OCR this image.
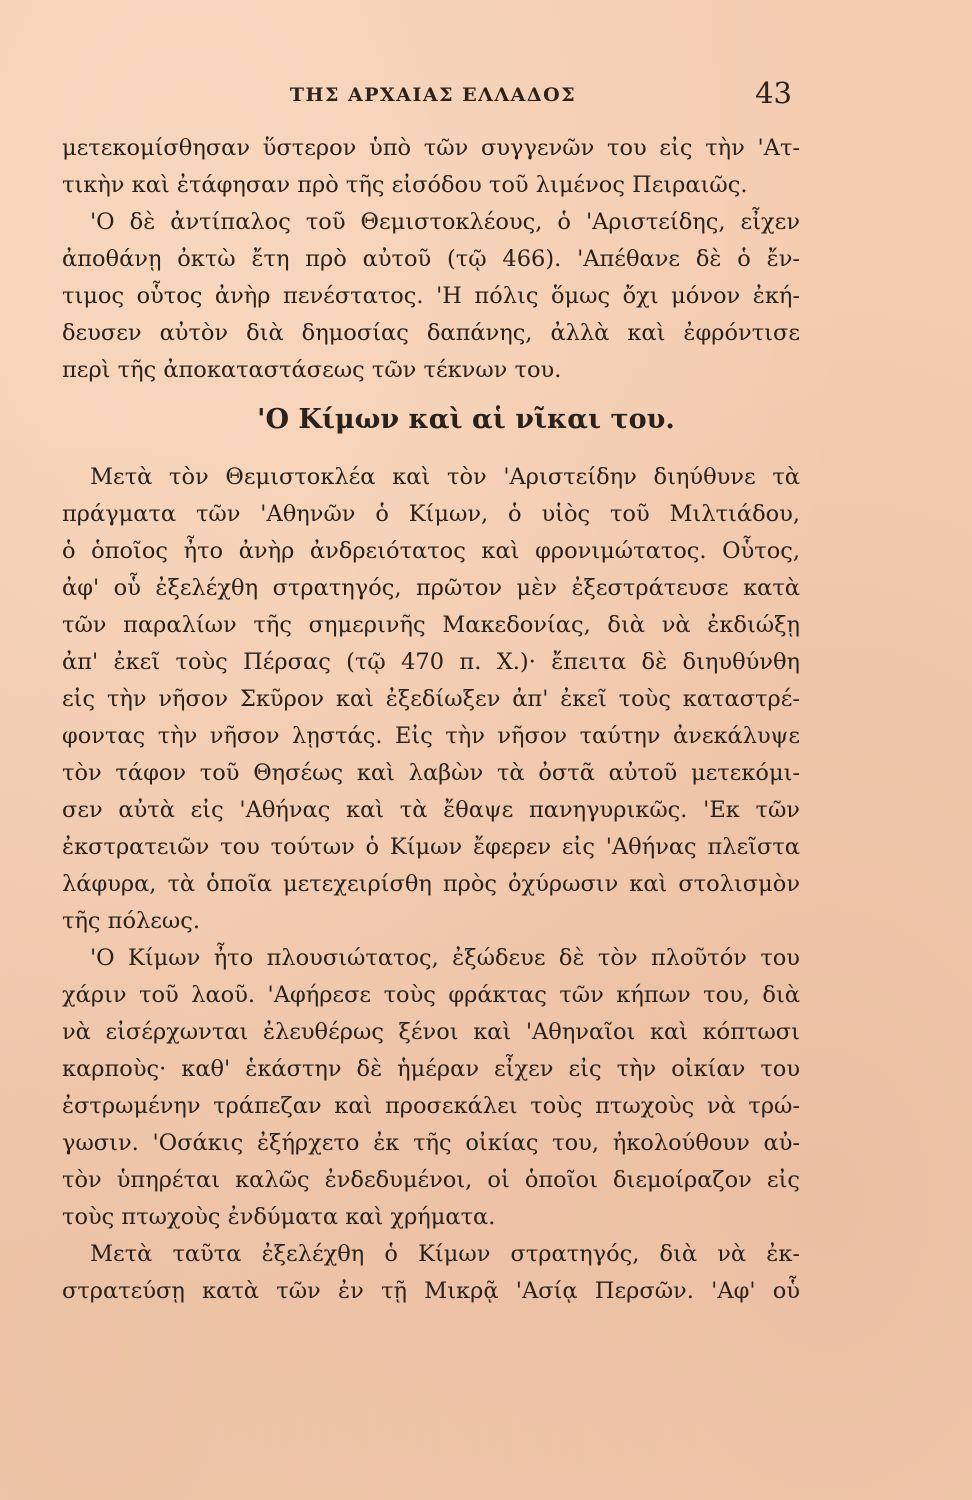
ΤΗΣ ΑΡΧΑΙΑΣ ΕΛΛΑΔΟΣ	43
μετεκομίσθησαν ὕστερον ὑπὸ τῶν συγγενῶν του εἰς τὴν 'Ατ-
τικὴν καὶ ἐτάφησαν πρὸ τῆς εἰσόδου τοῦ λιμένος Πειραιῶς.
'Ο δὲ ἀντίπαλος τοῦ Θεμιστοκλέους, ὁ 'Αριστείδης, εἶχεν
ἀποθάνῃ ὀκτὼ ἔτη πρὸ αὐτοῦ (τῷ 466). 'Απέθανε δὲ ὁ ἔν-
τιμος οὗτος ἀνὴρ πενέστατος. 'Η πόλις ὅμως ὄχι μόνον ἐκή-
δευσεν αὐτὸν διὰ δημοσίας δαπάνης, ἀλλὰ καὶ ἐφρόντισε
περὶ τῆς ἀποκαταστάσεως τῶν τέκνων του.
'Ο Κίμων καὶ αἱ νῖκαι του.
Μετὰ τὸν Θεμιστοκλέα καὶ τὸν 'Αριστείδην διηύθυνε τὰ
πράγματα τῶν 'Αθηνῶν ὁ Κίμων, ὁ υἱὸς τοῦ Μιλτιάδου,
ὁ ὁποῖος ἦτο ἀνὴρ ἀνδρειότατος καὶ φρονιμώτατος. Οὗτος,
ἀφ' οὗ ἐξελέχθη στρατηγός, πρῶτον μὲν ἐξεστράτευσε κατὰ
τῶν παραλίων τῆς σημερινῆς Μακεδονίας, διὰ νὰ ἐκδιώξῃ
ἀπ' ἐκεῖ τοὺς Πέρσας (τῷ 470 π. Χ.)· ἔπειτα δὲ διηυθύνθη
εἰς τὴν νῆσον Σκῦρον καὶ ἐξεδίωξεν ἀπ' ἐκεῖ τοὺς καταστρέ-
φοντας τὴν νῆσον λῃστάς. Εἰς τὴν νῆσον ταύτην ἀνεκάλυψε
τὸν τάφον τοῦ Θησέως καὶ λαβὼν τὰ ὀστᾶ αὐτοῦ μετεκόμι-
σεν αὐτὰ εἰς 'Αθήνας καὶ τὰ ἔθαψε πανηγυρικῶς. 'Εκ τῶν
ἐκστρατειῶν του τούτων ὁ Κίμων ἔφερεν εἰς 'Αθήνας πλεῖστα
λάφυρα, τὰ ὁποῖα μετεχειρίσθη πρὸς ὀχύρωσιν καὶ στολισμὸν
τῆς πόλεως.
'Ο Κίμων ἦτο πλουσιώτατος, ἐξώδευε δὲ τὸν πλοῦτόν του
χάριν τοῦ λαοῦ. 'Αφήρεσε τοὺς φράκτας τῶν κήπων του, διὰ
νὰ εἰσέρχωνται ἐλευθέρως ξένοι καὶ 'Αθηναῖοι καὶ κόπτωσι
καρποὺς· καθ' ἑκάστην δὲ ἡμέραν εἶχεν εἰς τὴν οἰκίαν του
ἐστρωμένην τράπεζαν καὶ προσεκάλει τοὺς πτωχοὺς νὰ τρώ-
γωσιν. 'Οσάκις ἐξήρχετο ἐκ τῆς οἰκίας του, ἠκολούθουν αὐ-
τὸν ὑπηρέται καλῶς ἐνδεδυμένοι, οἱ ὁποῖοι διεμοίραζον εἰς
τοὺς πτωχοὺς ἐνδύματα καὶ χρήματα.
Μετὰ ταῦτα ἐξελέχθη ὁ Κίμων στρατηγός, διὰ νὰ ἐκ-
στρατεύσῃ κατὰ τῶν ἐν τῇ Μικρᾷ 'Ασίᾳ Περσῶν. 'Αφ' οὗ
